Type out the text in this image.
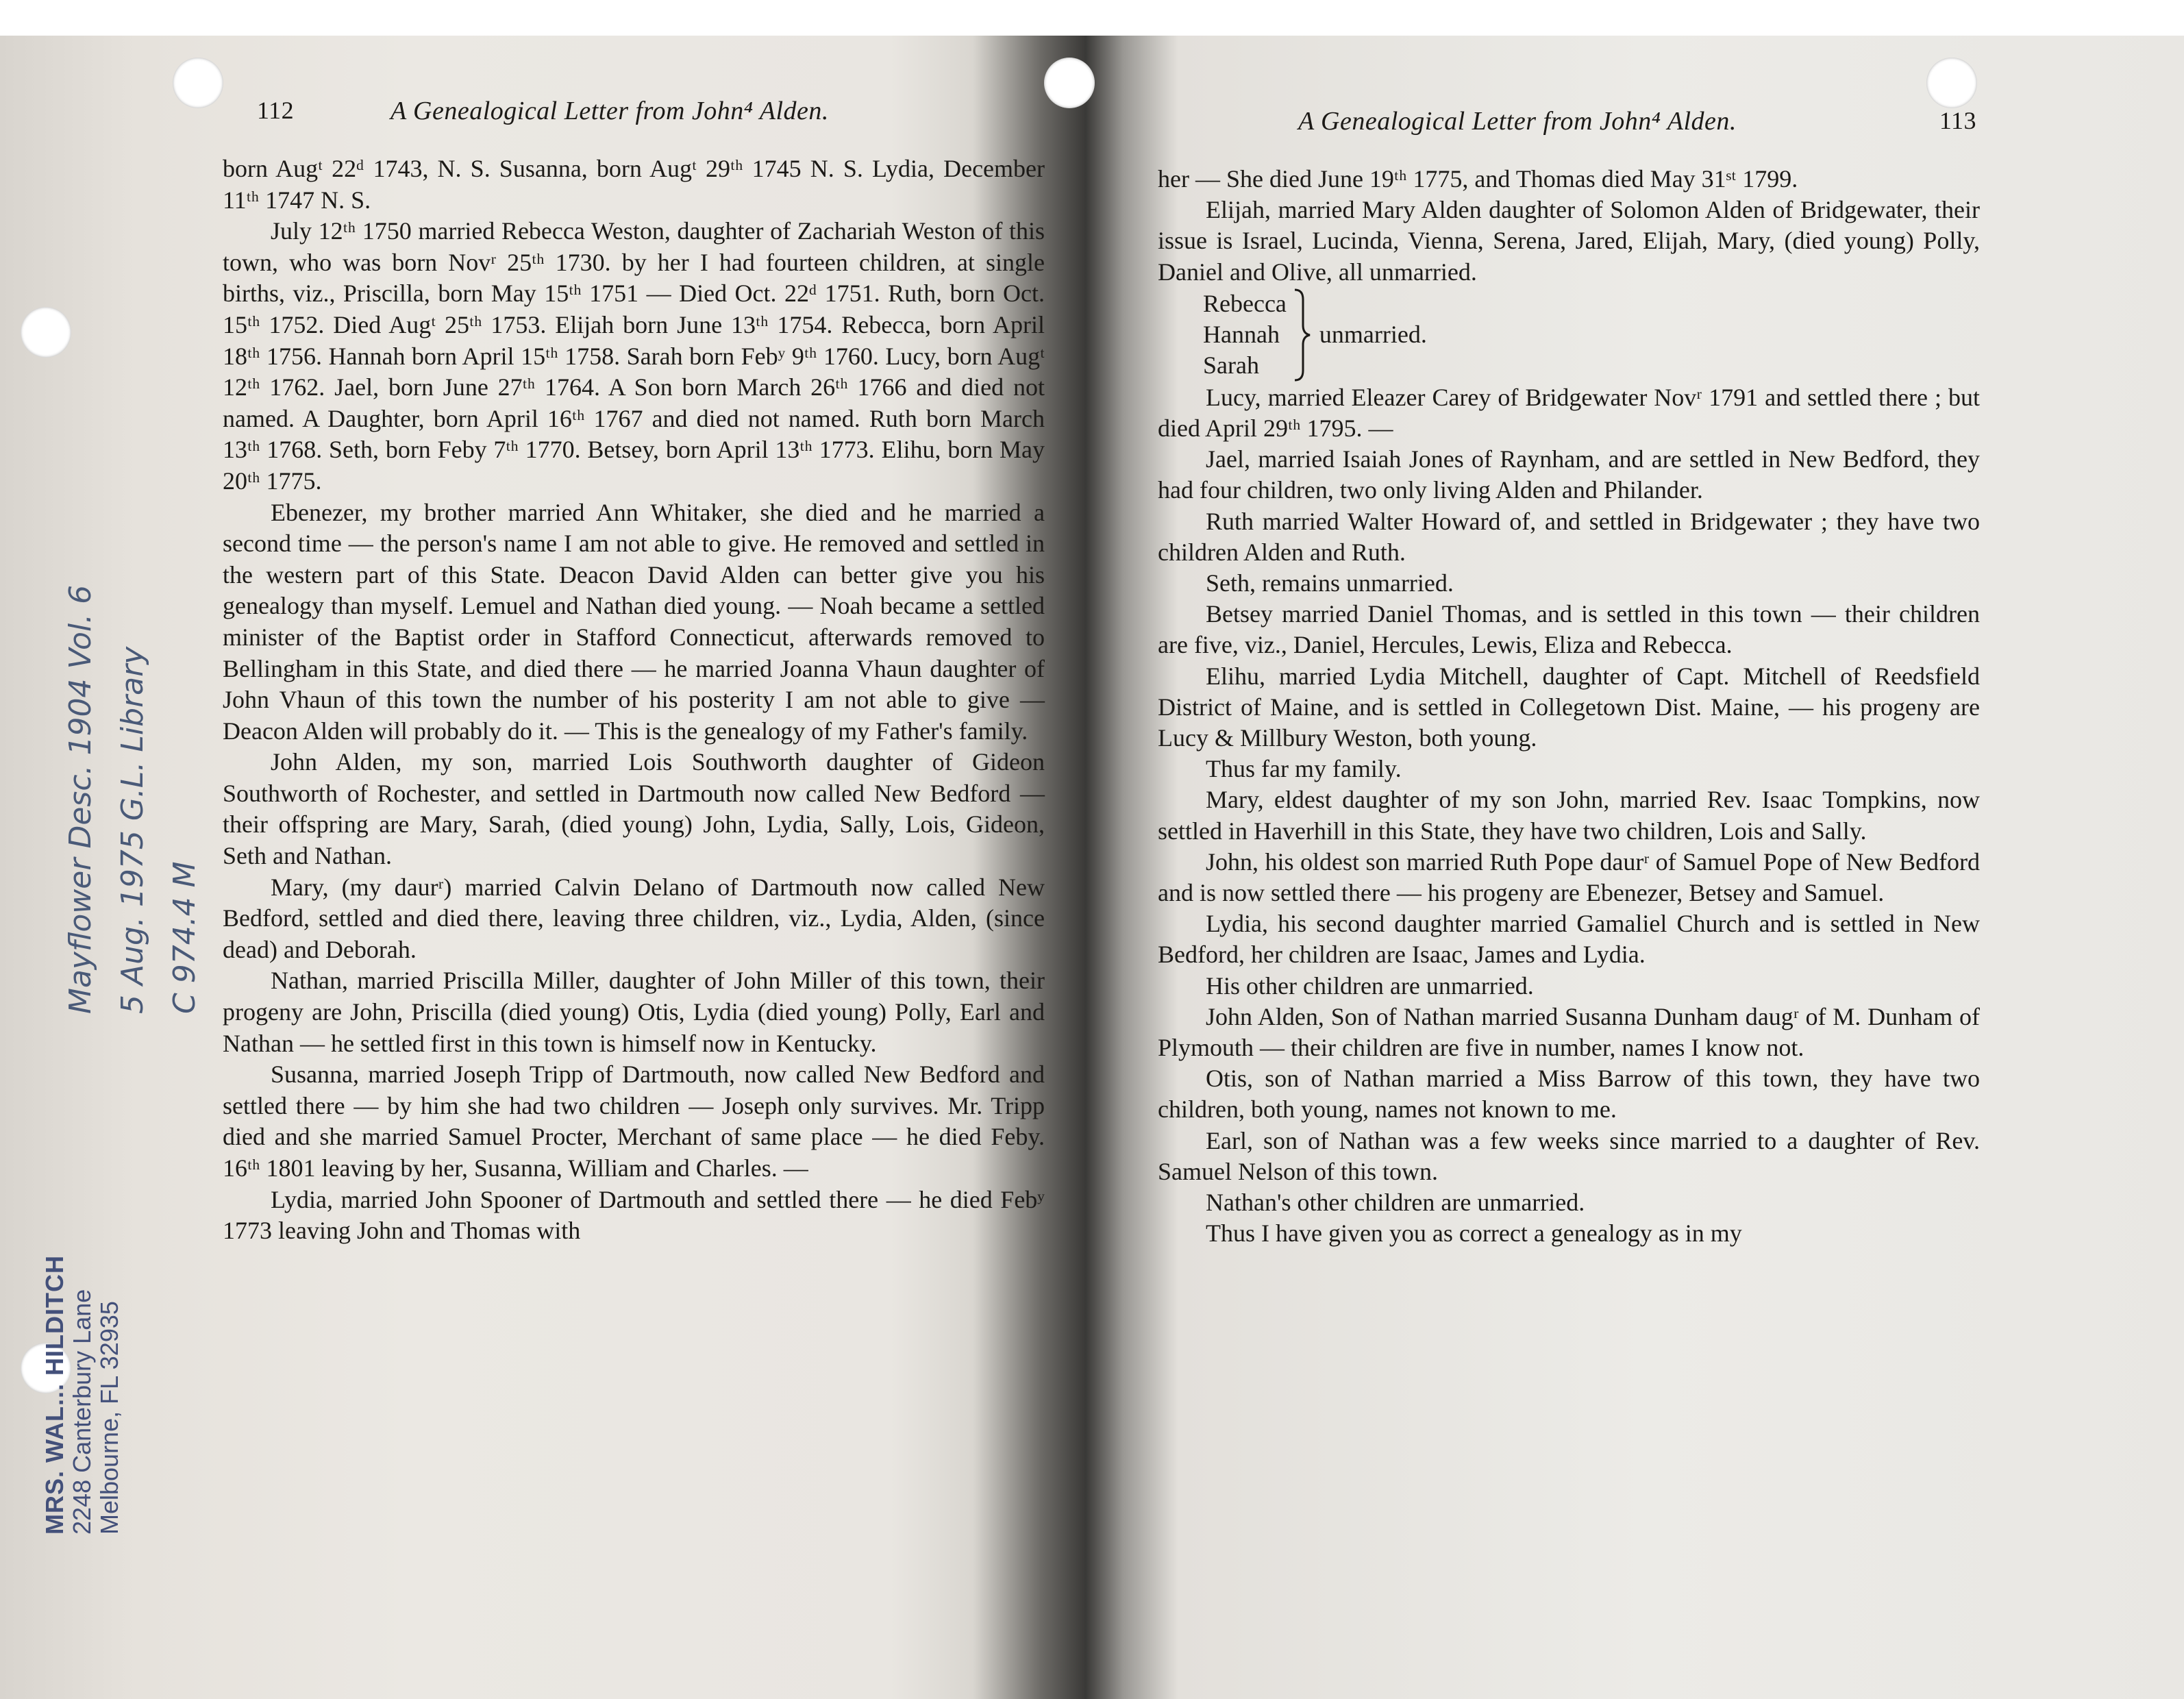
112	A Genealogical Letter from John⁴ Alden.

born Augᵗ 22ᵈ 1743, N. S. Susanna, born Augᵗ 29ᵗʰ 1745 N. S. Lydia, December 11ᵗʰ 1747 N. S.

July 12ᵗʰ 1750 married Rebecca Weston, daughter of Zachariah Weston of this town, who was born Novʳ 25ᵗʰ 1730. by her I had fourteen children, at single births, viz., Priscilla, born May 15ᵗʰ 1751 — Died Oct. 22ᵈ 1751. Ruth, born Oct. 15ᵗʰ 1752. Died Augᵗ 25ᵗʰ 1753. Elijah born June 13ᵗʰ 1754. Rebecca, born April 18ᵗʰ 1756. Hannah born April 15ᵗʰ 1758. Sarah born Febʸ 9ᵗʰ 1760. Lucy, born Augᵗ 12ᵗʰ 1762. Jael, born June 27ᵗʰ 1764. A Son born March 26ᵗʰ 1766 and died not named. A Daughter, born April 16ᵗʰ 1767 and died not named. Ruth born March 13ᵗʰ 1768. Seth, born Feby 7ᵗʰ 1770. Betsey, born April 13ᵗʰ 1773. Elihu, born May 20ᵗʰ 1775.

Ebenezer, my brother married Ann Whitaker, she died and he married a second time — the person's name I am not able to give. He removed and settled in the western part of this State. Deacon David Alden can better give you his genealogy than myself. Lemuel and Nathan died young. — Noah became a settled minister of the Baptist order in Stafford Connecticut, afterwards removed to Bellingham in this State, and died there — he married Joanna Vhaun daughter of John Vhaun of this town the number of his posterity I am not able to give — Deacon Alden will probably do it. — This is the genealogy of my Father's family.

John Alden, my son, married Lois Southworth daughter of Gideon Southworth of Rochester, and settled in Dartmouth now called New Bedford — their offspring are Mary, Sarah, (died young) John, Lydia, Sally, Lois, Gideon, Seth and Nathan.

Mary, (my daurʳ) married Calvin Delano of Dartmouth now called New Bedford, settled and died there, leaving three children, viz., Lydia, Alden, (since dead) and Deborah.

Nathan, married Priscilla Miller, daughter of John Miller of this town, their progeny are John, Priscilla (died young) Otis, Lydia (died young) Polly, Earl and Nathan — he settled first in this town is himself now in Kentucky.

Susanna, married Joseph Tripp of Dartmouth, now called New Bedford and settled there — by him she had two children — Joseph only survives. Mr. Tripp died and she married Samuel Procter, Merchant of same place — he died Feby. 16ᵗʰ 1801 leaving by her, Susanna, William and Charles. —

Lydia, married John Spooner of Dartmouth and settled there — he died Febʸ 1773 leaving John and Thomas with

A Genealogical Letter from John⁴ Alden.	113

her — She died June 19ᵗʰ 1775, and Thomas died May 31ˢᵗ 1799.

Elijah, married Mary Alden daughter of Solomon Alden of Bridgewater, their issue is Israel, Lucinda, Vienna, Serena, Jared, Elijah, Mary, (died young) Polly, Daniel and Olive, all unmarried.

Rebecca
Hannah
Sarah
unmarried.

Lucy, married Eleazer Carey of Bridgewater Novʳ 1791 and settled there ; but died April 29ᵗʰ 1795. —

Jael, married Isaiah Jones of Raynham, and are settled in New Bedford, they had four children, two only living Alden and Philander.

Ruth married Walter Howard of, and settled in Bridgewater ; they have two children Alden and Ruth.

Seth, remains unmarried.

Betsey married Daniel Thomas, and is settled in this town — their children are five, viz., Daniel, Hercules, Lewis, Eliza and Rebecca.

Elihu, married Lydia Mitchell, daughter of Capt. Mitchell of Reedsfield District of Maine, and is settled in Collegetown Dist. Maine, — his progeny are Lucy & Millbury Weston, both young.

Thus far my family.

Mary, eldest daughter of my son John, married Rev. Isaac Tompkins, now settled in Haverhill in this State, they have two children, Lois and Sally.

John, his oldest son married Ruth Pope daurʳ of Samuel Pope of New Bedford and is now settled there — his progeny are Ebenezer, Betsey and Samuel.

Lydia, his second daughter married Gamaliel Church and is settled in New Bedford, her children are Isaac, James and Lydia.

His other children are unmarried.

John Alden, Son of Nathan married Susanna Dunham daugʳ of M. Dunham of Plymouth — their children are five in number, names I know not.

Otis, son of Nathan married a Miss Barrow of this town, they have two children, both young, names not known to me.

Earl, son of Nathan was a few weeks since married to a daughter of Rev. Samuel Nelson of this town.

Nathan's other children are unmarried.

Thus I have given you as correct a genealogy as in my

Mayflower Desc. 1904 Vol. 6 5 Aug. 1975 G.L. Library C 974.4 M
MRS. WAL... HILDITCH 2248 Canterbury Lane Melbourne, FL 32935
